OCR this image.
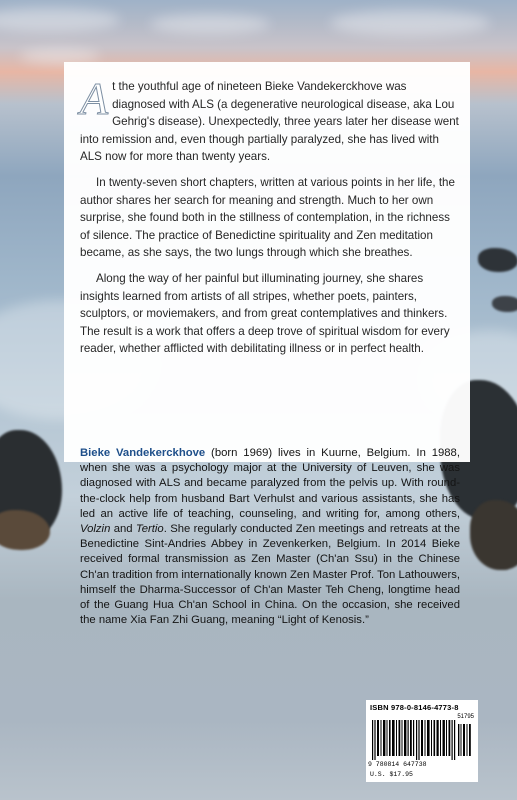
At the youthful age of nineteen Bieke Vandekerckhove was diagnosed with ALS (a degenerative neurological disease, aka Lou Gehrig's disease). Unexpectedly, three years later her disease went into remission and, even though partially paralyzed, she has lived with ALS now for more than twenty years.

In twenty-seven short chapters, written at various points in her life, the author shares her search for meaning and strength. Much to her own surprise, she found both in the stillness of contemplation, in the richness of silence. The practice of Benedictine spirituality and Zen meditation became, as she says, the two lungs through which she breathes.

Along the way of her painful but illuminating journey, she shares insights learned from artists of all stripes, whether poets, painters, sculptors, or moviemakers, and from great contemplatives and thinkers. The result is a work that offers a deep trove of spiritual wisdom for every reader, whether afflicted with debilitating illness or in perfect health.

Bieke Vandekerckhove (born 1969) lives in Kuurne, Belgium. In 1988, when she was a psychology major at the University of Leuven, she was diagnosed with ALS and became paralyzed from the pelvis up. With round-the-clock help from husband Bart Verhulst and various assistants, she has led an active life of teaching, counseling, and writing for, among others, Volzin and Tertio. She regularly conducted Zen meetings and retreats at the Benedictine Sint-Andries Abbey in Zevenkerken, Belgium. In 2014 Bieke received formal transmission as Zen Master (Ch'an Ssu) in the Chinese Ch'an tradition from internationally known Zen Master Prof. Ton Lathouwers, himself the Dharma-Successor of Ch'an Master Teh Cheng, longtime head of the Guang Hua Ch'an School in China. On the occasion, she received the name Xia Fan Zhi Guang, meaning “Light of Kenosis.”
ISBN 978-0-8146-4773-8
51795
9 780814 647738
U.S. $17.95
